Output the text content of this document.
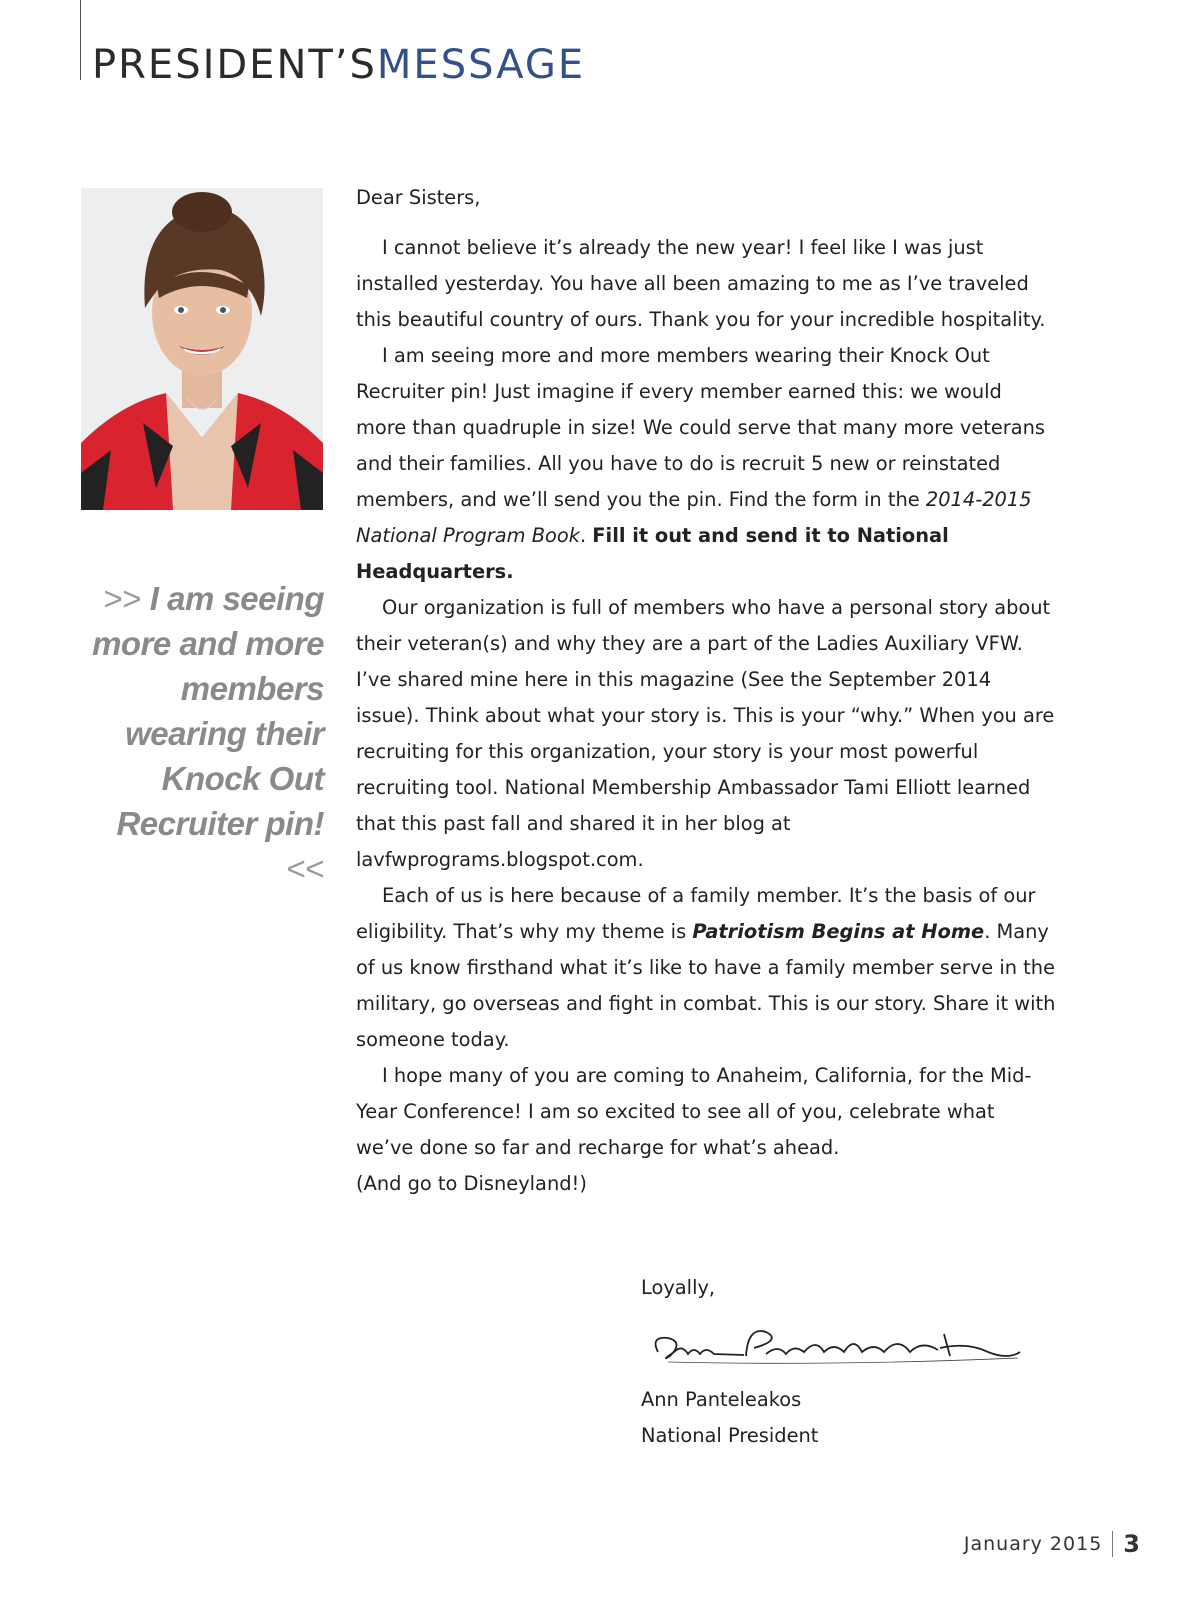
PRESIDENT’SMESSAGE
>> I am seeing more and more members wearing their Knock Out Recruiter pin! <<

Dear Sisters,

I cannot believe it’s already the new year! I feel like I was just installed yesterday. You have all been amazing to me as I’ve traveled this beautiful country of ours. Thank you for your incredible hospitality.

I am seeing more and more members wearing their Knock Out Recruiter pin! Just imagine if every member earned this: we would more than quadruple in size! We could serve that many more veterans and their families. All you have to do is recruit 5 new or reinstated members, and we’ll send you the pin. Find the form in the 2014-2015 National Program Book. Fill it out and send it to National Headquarters.

Our organization is full of members who have a personal story about their veteran(s) and why they are a part of the Ladies Auxiliary VFW. I’ve shared mine here in this magazine (See the September 2014 issue). Think about what your story is. This is your “why.” When you are recruiting for this organization, your story is your most powerful recruiting tool. National Membership Ambassador Tami Elliott learned that this past fall and shared it in her blog at lavfwprograms.blogspot.com.

Each of us is here because of a family member. It’s the basis of our eligibility. That’s why my theme is Patriotism Begins at Home. Many of us know firsthand what it’s like to have a family member serve in the military, go overseas and fight in combat. This is our story. Share it with someone today.

I hope many of you are coming to Anaheim, California, for the Mid-Year Conference! I am so excited to see all of you, celebrate what we’ve done so far and recharge for what’s ahead.

(And go to Disneyland!)

Loyally,
Ann Panteleakos
National President
January 2015 3
